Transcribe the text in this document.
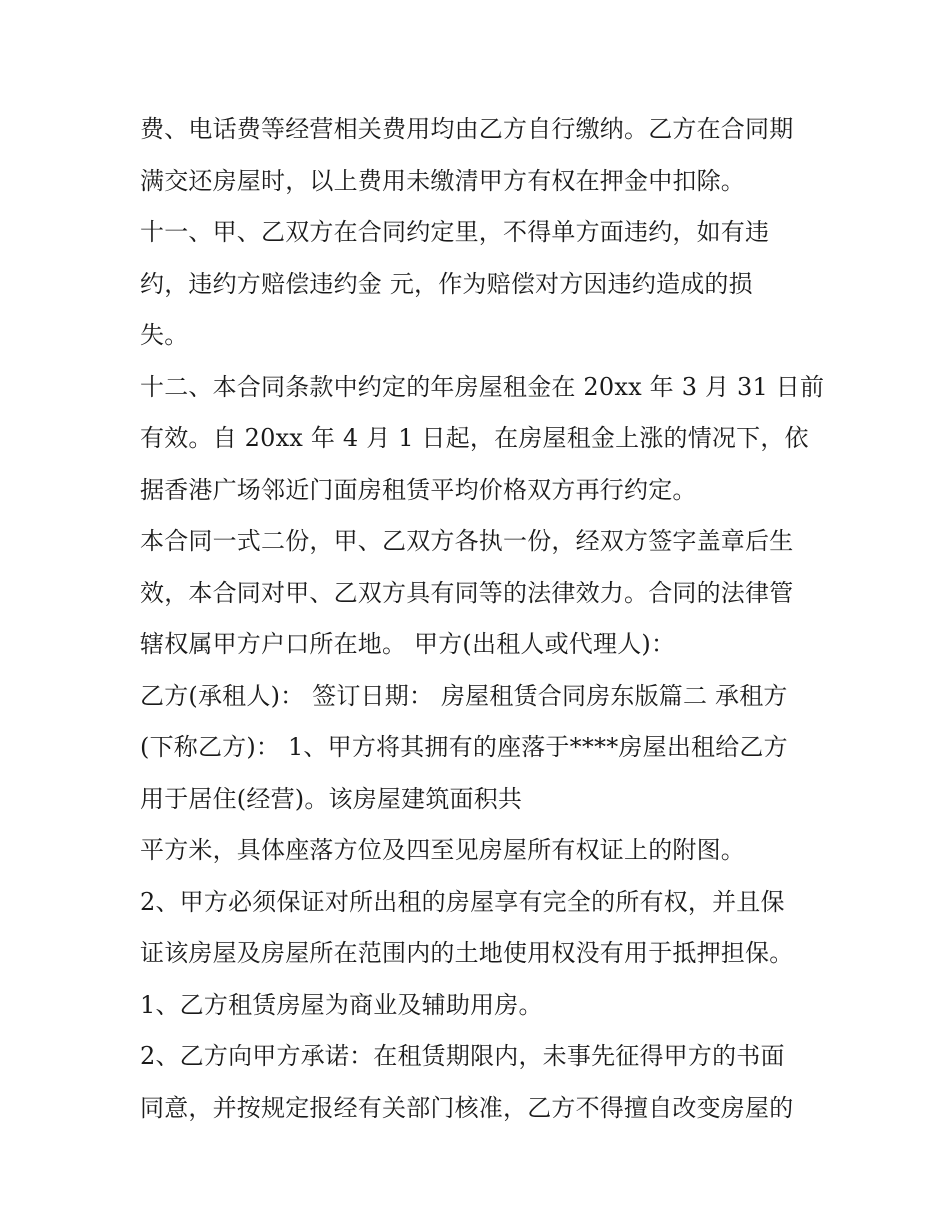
费、电话费等经营相关费用均由乙方自行缴纳。乙方在合同期
满交还房屋时，以上费用未缴清甲方有权在押金中扣除。
十一、甲、乙双方在合同约定里，不得单方面违约，如有违
约，违约方赔偿违约金 元，作为赔偿对方因违约造成的损
失。
十二、本合同条款中约定的年房屋租金在 20xx 年 3 月 31 日前
有效。自 20xx 年 4 月 1 日起，在房屋租金上涨的情况下，依
据香港广场邻近门面房租赁平均价格双方再行约定。
本合同一式二份，甲、乙双方各执一份，经双方签字盖章后生
效，本合同对甲、乙双方具有同等的法律效力。合同的法律管
辖权属甲方户口所在地。 甲方(出租人或代理人)：
乙方(承租人)： 签订日期： 房屋租赁合同房东版篇二 承租方
(下称乙方)： 1、甲方将其拥有的座落于****房屋出租给乙方
用于居住(经营)。该房屋建筑面积共
平方米，具体座落方位及四至见房屋所有权证上的附图。
2、甲方必须保证对所出租的房屋享有完全的所有权，并且保
证该房屋及房屋所在范围内的土地使用权没有用于抵押担保。
1、乙方租赁房屋为商业及辅助用房。
2、乙方向甲方承诺：在租赁期限内，未事先征得甲方的书面
同意，并按规定报经有关部门核准，乙方不得擅自改变房屋的
